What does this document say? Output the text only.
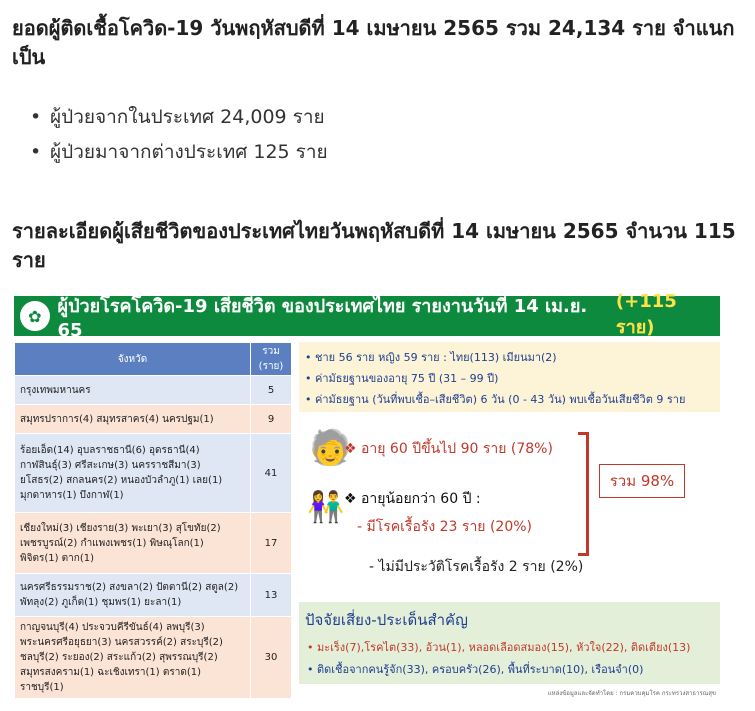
ยอดผู้ติดเชื้อโควิด-19 วันพฤหัสบดีที่ 14 เมษายน 2565 รวม 24,134 ราย จำแนกเป็น

• ผู้ป่วยจากในประเทศ 24,009 ราย
• ผู้ป่วยมาจากต่างประเทศ 125 ราย

รายละเอียดผู้เสียชีวิตของประเทศไทยวันพฤหัสบดีที่ 14 เมษายน 2565 จำนวน 115 ราย

✿ ผู้ป่วยโรคโควิด-19 เสียชีวิต ของประเทศไทย รายงานวันที่ 14 เม.ย. 65
(+115 ราย)
จังหวัด	รวม (ราย)
กรุงเทพมหานคร	5
สมุทรปราการ(4) สมุทรสาคร(4) นครปฐม(1)	9
ร้อยเอ็ด(14) อุบลราชธานี(6) อุดรธานี(4) กาฬสินธุ์(3) ศรีสะเกษ(3) นครราชสีมา(3) ยโสธร(2) สกลนคร(2) หนองบัวลำภู(1) เลย(1) มุกดาหาร(1) บึงกาฬ(1)	41
เชียงใหม่(3) เชียงราย(3) พะเยา(3) สุโขทัย(2) เพชรบูรณ์(2) กำแพงเพชร(1) พิษณุโลก(1) พิจิตร(1) ตาก(1)	17
นครศรีธรรมราช(2) สงขลา(2) ปัตตานี(2) สตูล(2) พัทลุง(2) ภูเก็ต(1) ชุมพร(1) ยะลา(1)	13
กาญจนบุรี(4) ประจวบคีรีขันธ์(4) ลพบุรี(3) พระนครศรีอยุธยา(3) นครสวรรค์(2) สระบุรี(2) ชลบุรี(2) ระยอง(2) สระแก้ว(2) สุพรรณบุรี(2) สมุทรสงคราม(1) ฉะเชิงเทรา(1) ตราด(1) ราชบุรี(1)	30
• ชาย 56 ราย หญิง 59 ราย : ไทย(113) เมียนมา(2)
• ค่ามัธยฐานของอายุ 75 ปี (31 – 99 ปี)
• ค่ามัธยฐาน (วันที่พบเชื้อ–เสียชีวิต) 6 วัน (0 - 43 วัน) พบเชื้อวันเสียชีวิต 9 ราย
🧓
👫
❖ อายุ 60 ปีขึ้นไป 90 ราย (78%)
❖ อายุน้อยกว่า 60 ปี :
- มีโรคเรื้อรัง 23 ราย (20%)
- ไม่มีประวัติโรคเรื้อรัง 2 ราย (2%)
รวม 98%
ปัจจัยเสี่ยง-ประเด็นสำคัญ
• มะเร็ง(7),โรคไต(33), อ้วน(1), หลอดเลือดสมอง(15), หัวใจ(22), ติดเตียง(13)
• ติดเชื้อจากคนรู้จัก(33), ครอบครัว(26), พื้นที่ระบาด(10), เรือนจำ(0)
แหล่งข้อมูลและจัดทำโดย : กรมควบคุมโรค กระทรวงสาธารณสุข
